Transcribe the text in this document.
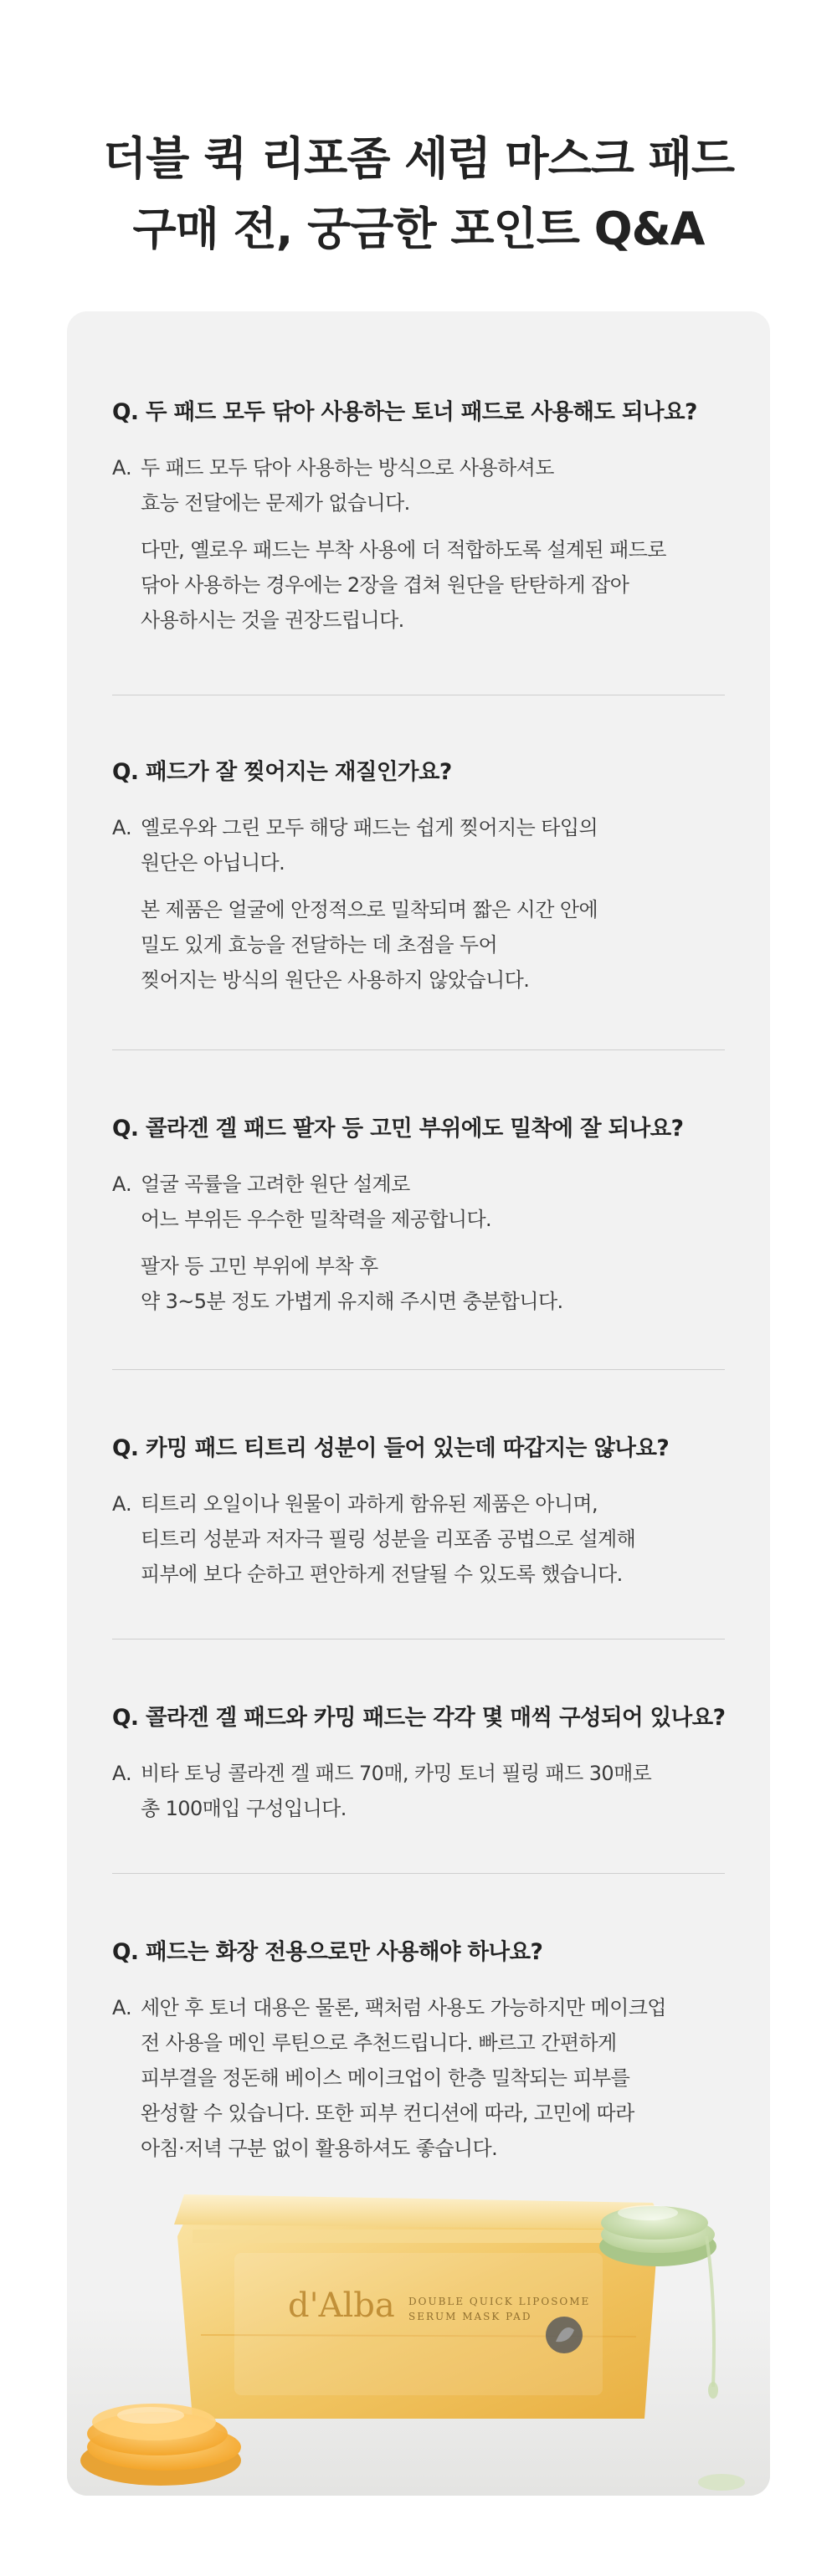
더블 퀵 리포좀 세럼 마스크 패드
구매 전, 궁금한 포인트 Q&A
Q. 두 패드 모두 닦아 사용하는 토너 패드로 사용해도 되나요?
A. 두 패드 모두 닦아 사용하는 방식으로 사용하셔도
효능 전달에는 문제가 없습니다.
다만, 옐로우 패드는 부착 사용에 더 적합하도록 설계된 패드로
닦아 사용하는 경우에는 2장을 겹쳐 원단을 탄탄하게 잡아
사용하시는 것을 권장드립니다.
Q. 패드가 잘 찢어지는 재질인가요?
A. 옐로우와 그린 모두 해당 패드는 쉽게 찢어지는 타입의
원단은 아닙니다.
본 제품은 얼굴에 안정적으로 밀착되며 짧은 시간 안에
밀도 있게 효능을 전달하는 데 초점을 두어
찢어지는 방식의 원단은 사용하지 않았습니다.
Q. 콜라겐 겔 패드 팔자 등 고민 부위에도 밀착에 잘 되나요?
A. 얼굴 곡률을 고려한 원단 설계로
어느 부위든 우수한 밀착력을 제공합니다.
팔자 등 고민 부위에 부착 후
약 3~5분 정도 가볍게 유지해 주시면 충분합니다.
Q. 카밍 패드 티트리 성분이 들어 있는데 따갑지는 않나요?
A. 티트리 오일이나 원물이 과하게 함유된 제품은 아니며,
티트리 성분과 저자극 필링 성분을 리포좀 공법으로 설계해
피부에 보다 순하고 편안하게 전달될 수 있도록 했습니다.
Q. 콜라겐 겔 패드와 카밍 패드는 각각 몇 매씩 구성되어 있나요?
A. 비타 토닝 콜라겐 겔 패드 70매, 카밍 토너 필링 패드 30매로
총 100매입 구성입니다.
Q. 패드는 화장 전용으로만 사용해야 하나요?
A. 세안 후 토너 대용은 물론, 팩처럼 사용도 가능하지만 메이크업
전 사용을 메인 루틴으로 추천드립니다. 빠르고 간편하게
피부결을 정돈해 베이스 메이크업이 한층 밀착되는 피부를
완성할 수 있습니다. 또한 피부 컨디션에 따라, 고민에 따라
아침·저녁 구분 없이 활용하셔도 좋습니다.
d'Alba DOUBLE QUICK LIPOSOME
SERUM MASK PAD
